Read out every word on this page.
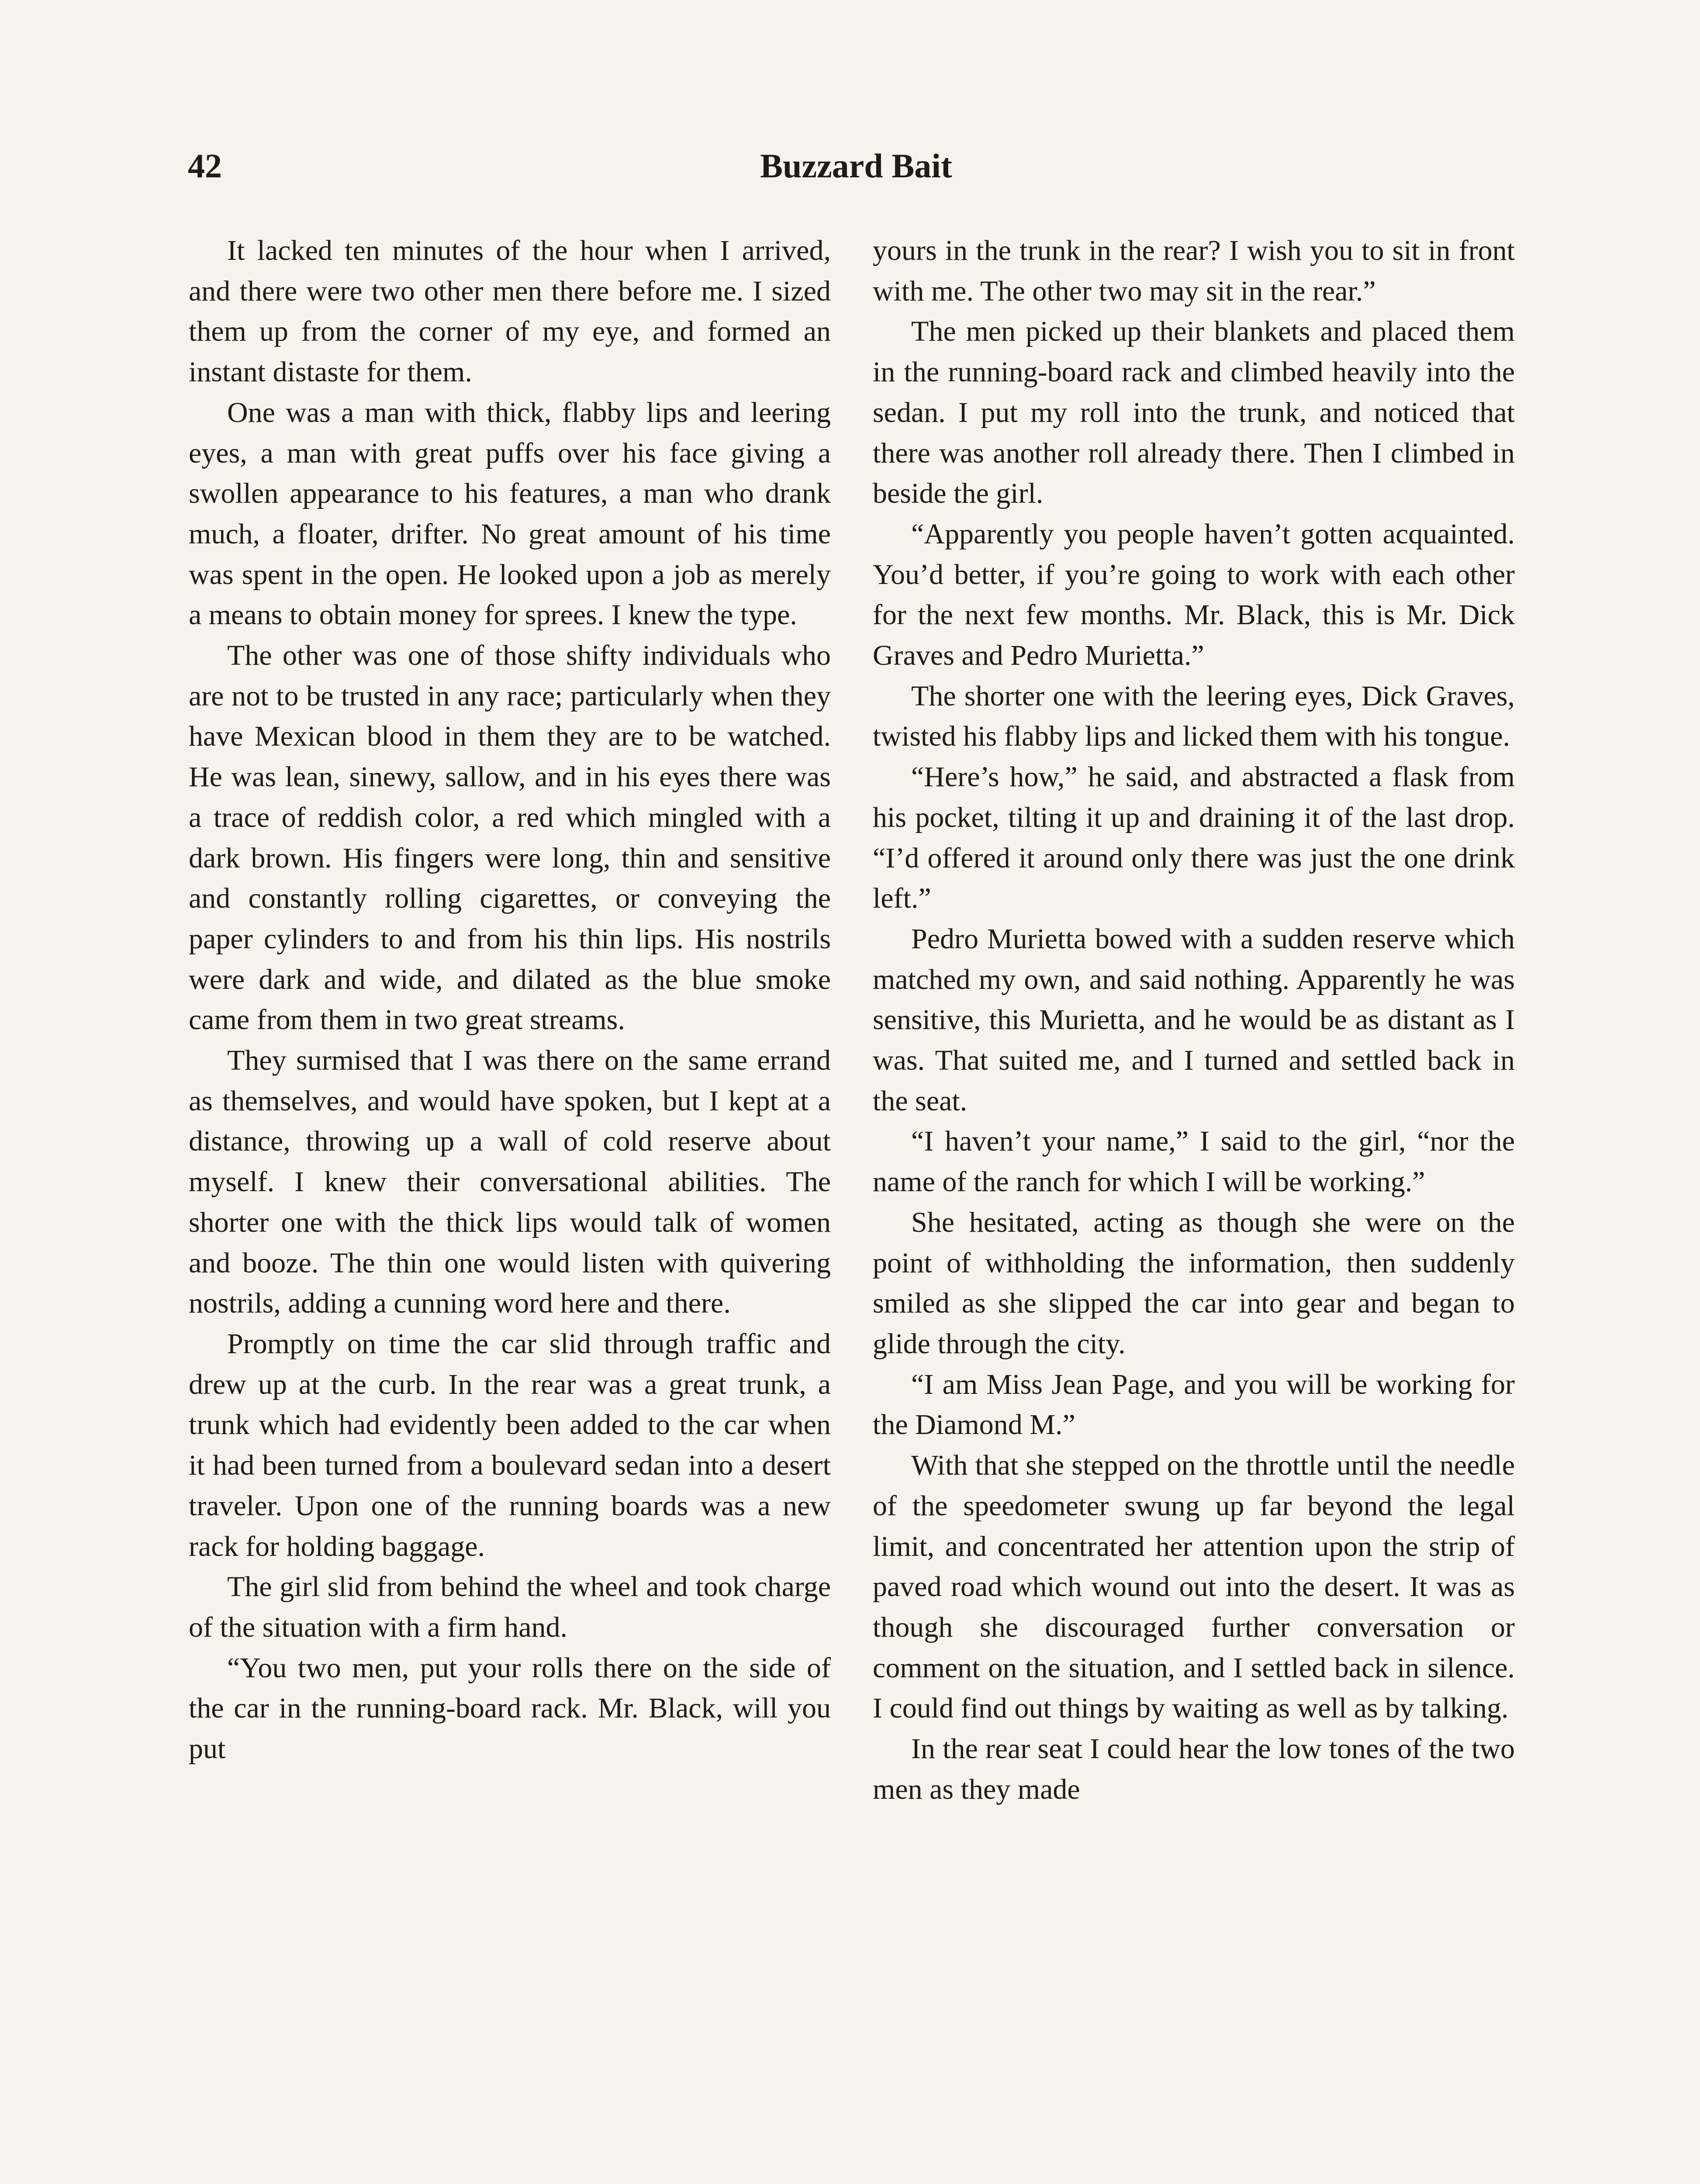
42	Buzzard Bait

It lacked ten minutes of the hour when I arrived, and there were two other men there before me. I sized them up from the corner of my eye, and formed an instant distaste for them.

One was a man with thick, flabby lips and leering eyes, a man with great puffs over his face giving a swollen appearance to his features, a man who drank much, a floater, drifter. No great amount of his time was spent in the open. He looked upon a job as merely a means to obtain money for sprees. I knew the type.

The other was one of those shifty individuals who are not to be trusted in any race; particularly when they have Mexican blood in them they are to be watched. He was lean, sinewy, sallow, and in his eyes there was a trace of reddish color, a red which mingled with a dark brown. His fingers were long, thin and sensitive and constantly rolling cigarettes, or conveying the paper cylinders to and from his thin lips. His nostrils were dark and wide, and dilated as the blue smoke came from them in two great streams.

They surmised that I was there on the same errand as themselves, and would have spoken, but I kept at a distance, throwing up a wall of cold reserve about myself. I knew their conversational abilities. The shorter one with the thick lips would talk of women and booze. The thin one would listen with quivering nostrils, adding a cunning word here and there.

Promptly on time the car slid through traffic and drew up at the curb. In the rear was a great trunk, a trunk which had evidently been added to the car when it had been turned from a boulevard sedan into a desert traveler. Upon one of the running boards was a new rack for holding baggage.

The girl slid from behind the wheel and took charge of the situation with a firm hand.

“You two men, put your rolls there on the side of the car in the running-board rack. Mr. Black, will you put

yours in the trunk in the rear? I wish you to sit in front with me. The other two may sit in the rear.”

The men picked up their blankets and placed them in the running-board rack and climbed heavily into the sedan. I put my roll into the trunk, and noticed that there was another roll already there. Then I climbed in beside the girl.

“Apparently you people haven’t gotten acquainted. You’d better, if you’re going to work with each other for the next few months. Mr. Black, this is Mr. Dick Graves and Pedro Murietta.”

The shorter one with the leering eyes, Dick Graves, twisted his flabby lips and licked them with his tongue.

“Here’s how,” he said, and abstracted a flask from his pocket, tilting it up and draining it of the last drop. “I’d offered it around only there was just the one drink left.”

Pedro Murietta bowed with a sudden reserve which matched my own, and said nothing. Apparently he was sensitive, this Murietta, and he would be as distant as I was. That suited me, and I turned and settled back in the seat.

“I haven’t your name,” I said to the girl, “nor the name of the ranch for which I will be working.”

She hesitated, acting as though she were on the point of withholding the information, then suddenly smiled as she slipped the car into gear and began to glide through the city.

“I am Miss Jean Page, and you will be working for the Diamond M.”

With that she stepped on the throttle until the needle of the speedometer swung up far beyond the legal limit, and concentrated her attention upon the strip of paved road which wound out into the desert. It was as though she discouraged further conversation or comment on the situation, and I settled back in silence. I could find out things by waiting as well as by talking.

In the rear seat I could hear the low tones of the two men as they made
